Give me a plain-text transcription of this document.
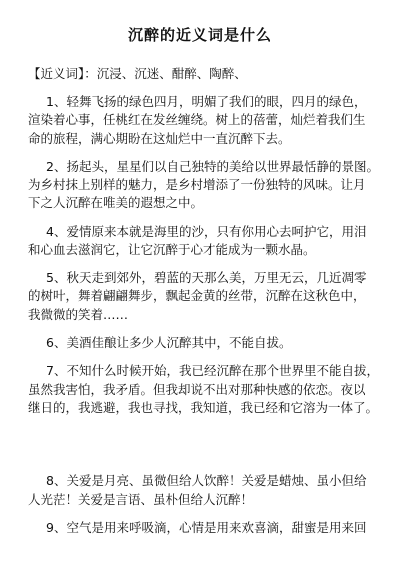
沉醉的近义词是什么
【近义词】：沉浸、沉迷、酣醉、陶醉、
1、轻舞飞扬的绿色四月，明媚了我们的眼，四月的绿色，
渲染着心事，任桃红在发丝缠绕。树上的蓓蕾，灿烂着我们生
命的旅程，满心期盼在这灿烂中一直沉醉下去。
2、扬起头，星星们以自己独特的美给以世界最恬静的景图。
为乡村抹上别样的魅力，是乡村增添了一份独特的风味。让月
下之人沉醉在唯美的遐想之中。
4、爱情原来本就是海里的沙，只有你用心去呵护它，用泪
和心血去滋润它，让它沉醉于心才能成为一颗水晶。
5、秋天走到郊外，碧蓝的天那么美，万里无云，几近凋零
的树叶，舞着翩翩舞步，飘起金黄的丝带，沉醉在这秋色中，
我微微的笑着……
6、美酒佳酿让多少人沉醉其中，不能自拔。
7、不知什么时候开始，我已经沉醉在那个世界里不能自拔，
虽然我害怕，我矛盾。但我却说不出对那种快感的依恋。夜以
继日的，我逃避，我也寻找，我知道，我已经和它溶为一体了。
8、关爱是月亮、虽微但给人饮醉！关爱是蜡烛、虽小但给
人光茫！关爱是言语、虽朴但给人沉醉！
9、空气是用来呼吸滴，心情是用来欢喜滴，甜蜜是用来回
